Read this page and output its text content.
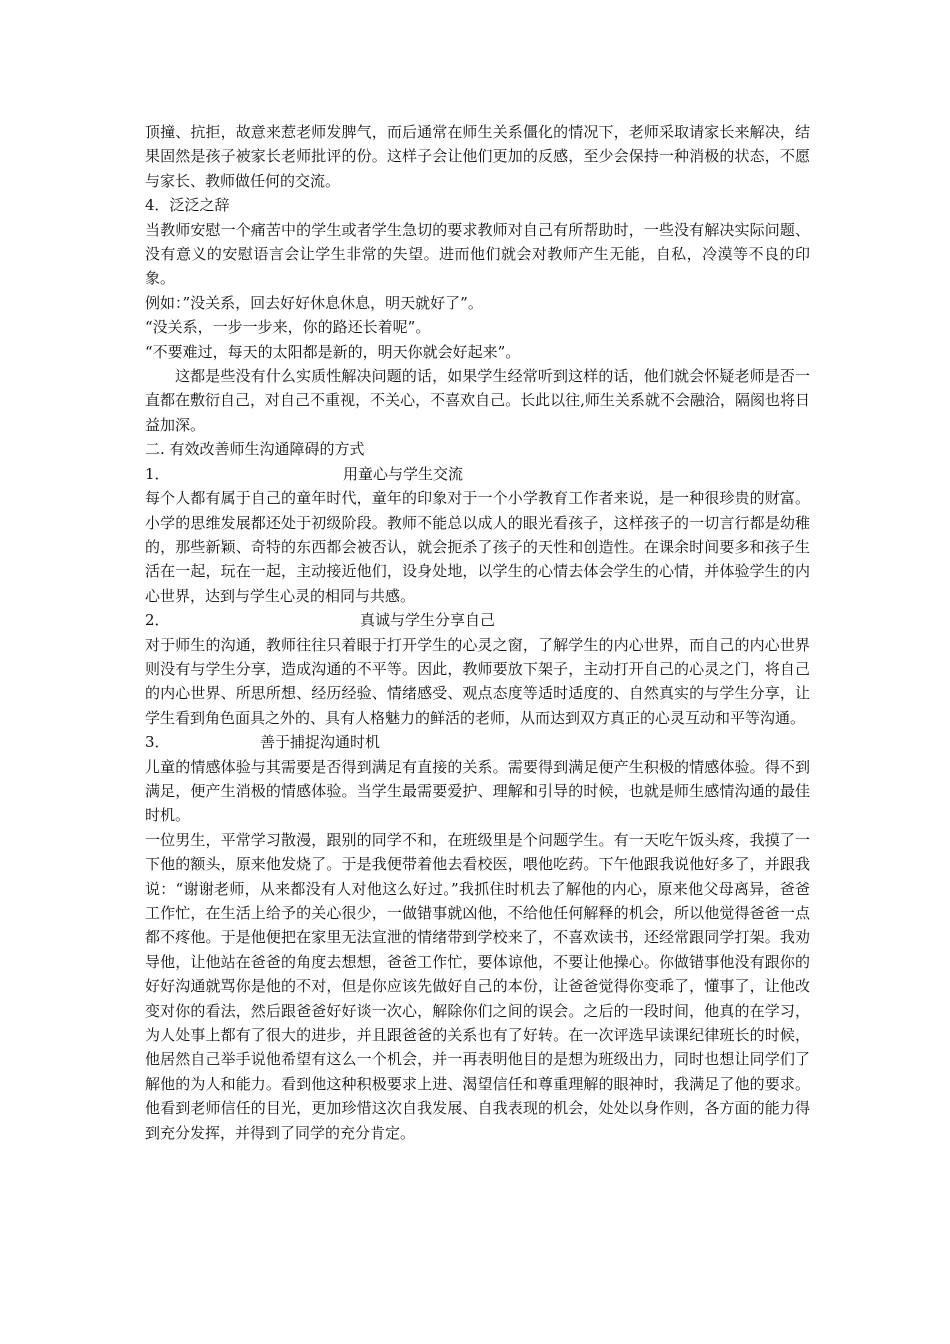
顶撞、抗拒，故意来惹老师发脾气，而后通常在师生关系僵化的情况下，老师采取请家长来解决，结果固然是孩子被家长老师批评的份。这样子会让他们更加的反感，至少会保持一种消极的状态，不愿与家长、教师做任何的交流。

4．泛泛之辞

当教师安慰一个痛苦中的学生或者学生急切的要求教师对自己有所帮助时，一些没有解决实际问题、没有意义的安慰语言会让学生非常的失望。进而他们就会对教师产生无能，自私，冷漠等不良的印象。

例如：”没关系，回去好好休息休息，明天就好了”。

“没关系，一步一步来，你的路还长着呢”。

“不要难过，每天的太阳都是新的，明天你就会好起来”。

这都是些没有什么实质性解决问题的话，如果学生经常听到这样的话，他们就会怀疑老师是否一直都在敷衍自己，对自己不重视，不关心，不喜欢自己。长此以往,师生关系就不会融洽，隔阂也将日益加深。

二. 有效改善师生沟通障碍的方式

1．	用童心与学生交流

每个人都有属于自己的童年时代，童年的印象对于一个小学教育工作者来说，是一种很珍贵的财富。小学的思维发展都还处于初级阶段。教师不能总以成人的眼光看孩子，这样孩子的一切言行都是幼稚的，那些新颖、奇特的东西都会被否认，就会扼杀了孩子的天性和创造性。在课余时间要多和孩子生活在一起，玩在一起，主动接近他们，设身处地，以学生的心情去体会学生的心情，并体验学生的内心世界，达到与学生心灵的相同与共感。

2．	真诚与学生分享自己

对于师生的沟通，教师往往只着眼于打开学生的心灵之窗，了解学生的内心世界，而自己的内心世界则没有与学生分享，造成沟通的不平等。因此，教师要放下架子，主动打开自己的心灵之门，将自己的内心世界、所思所想、经历经验、情绪感受、观点态度等适时适度的、自然真实的与学生分享，让学生看到角色面具之外的、具有人格魅力的鲜活的老师，从而达到双方真正的心灵互动和平等沟通。

3．	善于捕捉沟通时机

儿童的情感体验与其需要是否得到满足有直接的关系。需要得到满足便产生积极的情感体验。得不到满足，便产生消极的情感体验。当学生最需要爱护、理解和引导的时候，也就是师生感情沟通的最佳时机。

一位男生，平常学习散漫，跟别的同学不和，在班级里是个问题学生。有一天吃午饭头疼，我摸了一下他的额头，原来他发烧了。于是我便带着他去看校医，喂他吃药。下午他跟我说他好多了，并跟我说：“谢谢老师，从来都没有人对他这么好过。”我抓住时机去了解他的内心，原来他父母离异，爸爸工作忙，在生活上给予的关心很少，一做错事就凶他，不给他任何解释的机会，所以他觉得爸爸一点都不疼他。于是他便把在家里无法宣泄的情绪带到学校来了，不喜欢读书，还经常跟同学打架。我劝导他，让他站在爸爸的角度去想想，爸爸工作忙，要体谅他，不要让他操心。你做错事他没有跟你的好好沟通就骂你是他的不对，但是你应该先做好自己的本份，让爸爸觉得你变乖了，懂事了，让他改变对你的看法，然后跟爸爸好好谈一次心，解除你们之间的误会。之后的一段时间，他真的在学习，为人处事上都有了很大的进步，并且跟爸爸的关系也有了好转。在一次评选早读课纪律班长的时候，他居然自己举手说他希望有这么一个机会，并一再表明他目的是想为班级出力，同时也想让同学们了解他的为人和能力。看到他这种积极要求上进、渴望信任和尊重理解的眼神时，我满足了他的要求。他看到老师信任的目光，更加珍惜这次自我发展、自我表现的机会，处处以身作则，各方面的能力得到充分发挥，并得到了同学的充分肯定。
